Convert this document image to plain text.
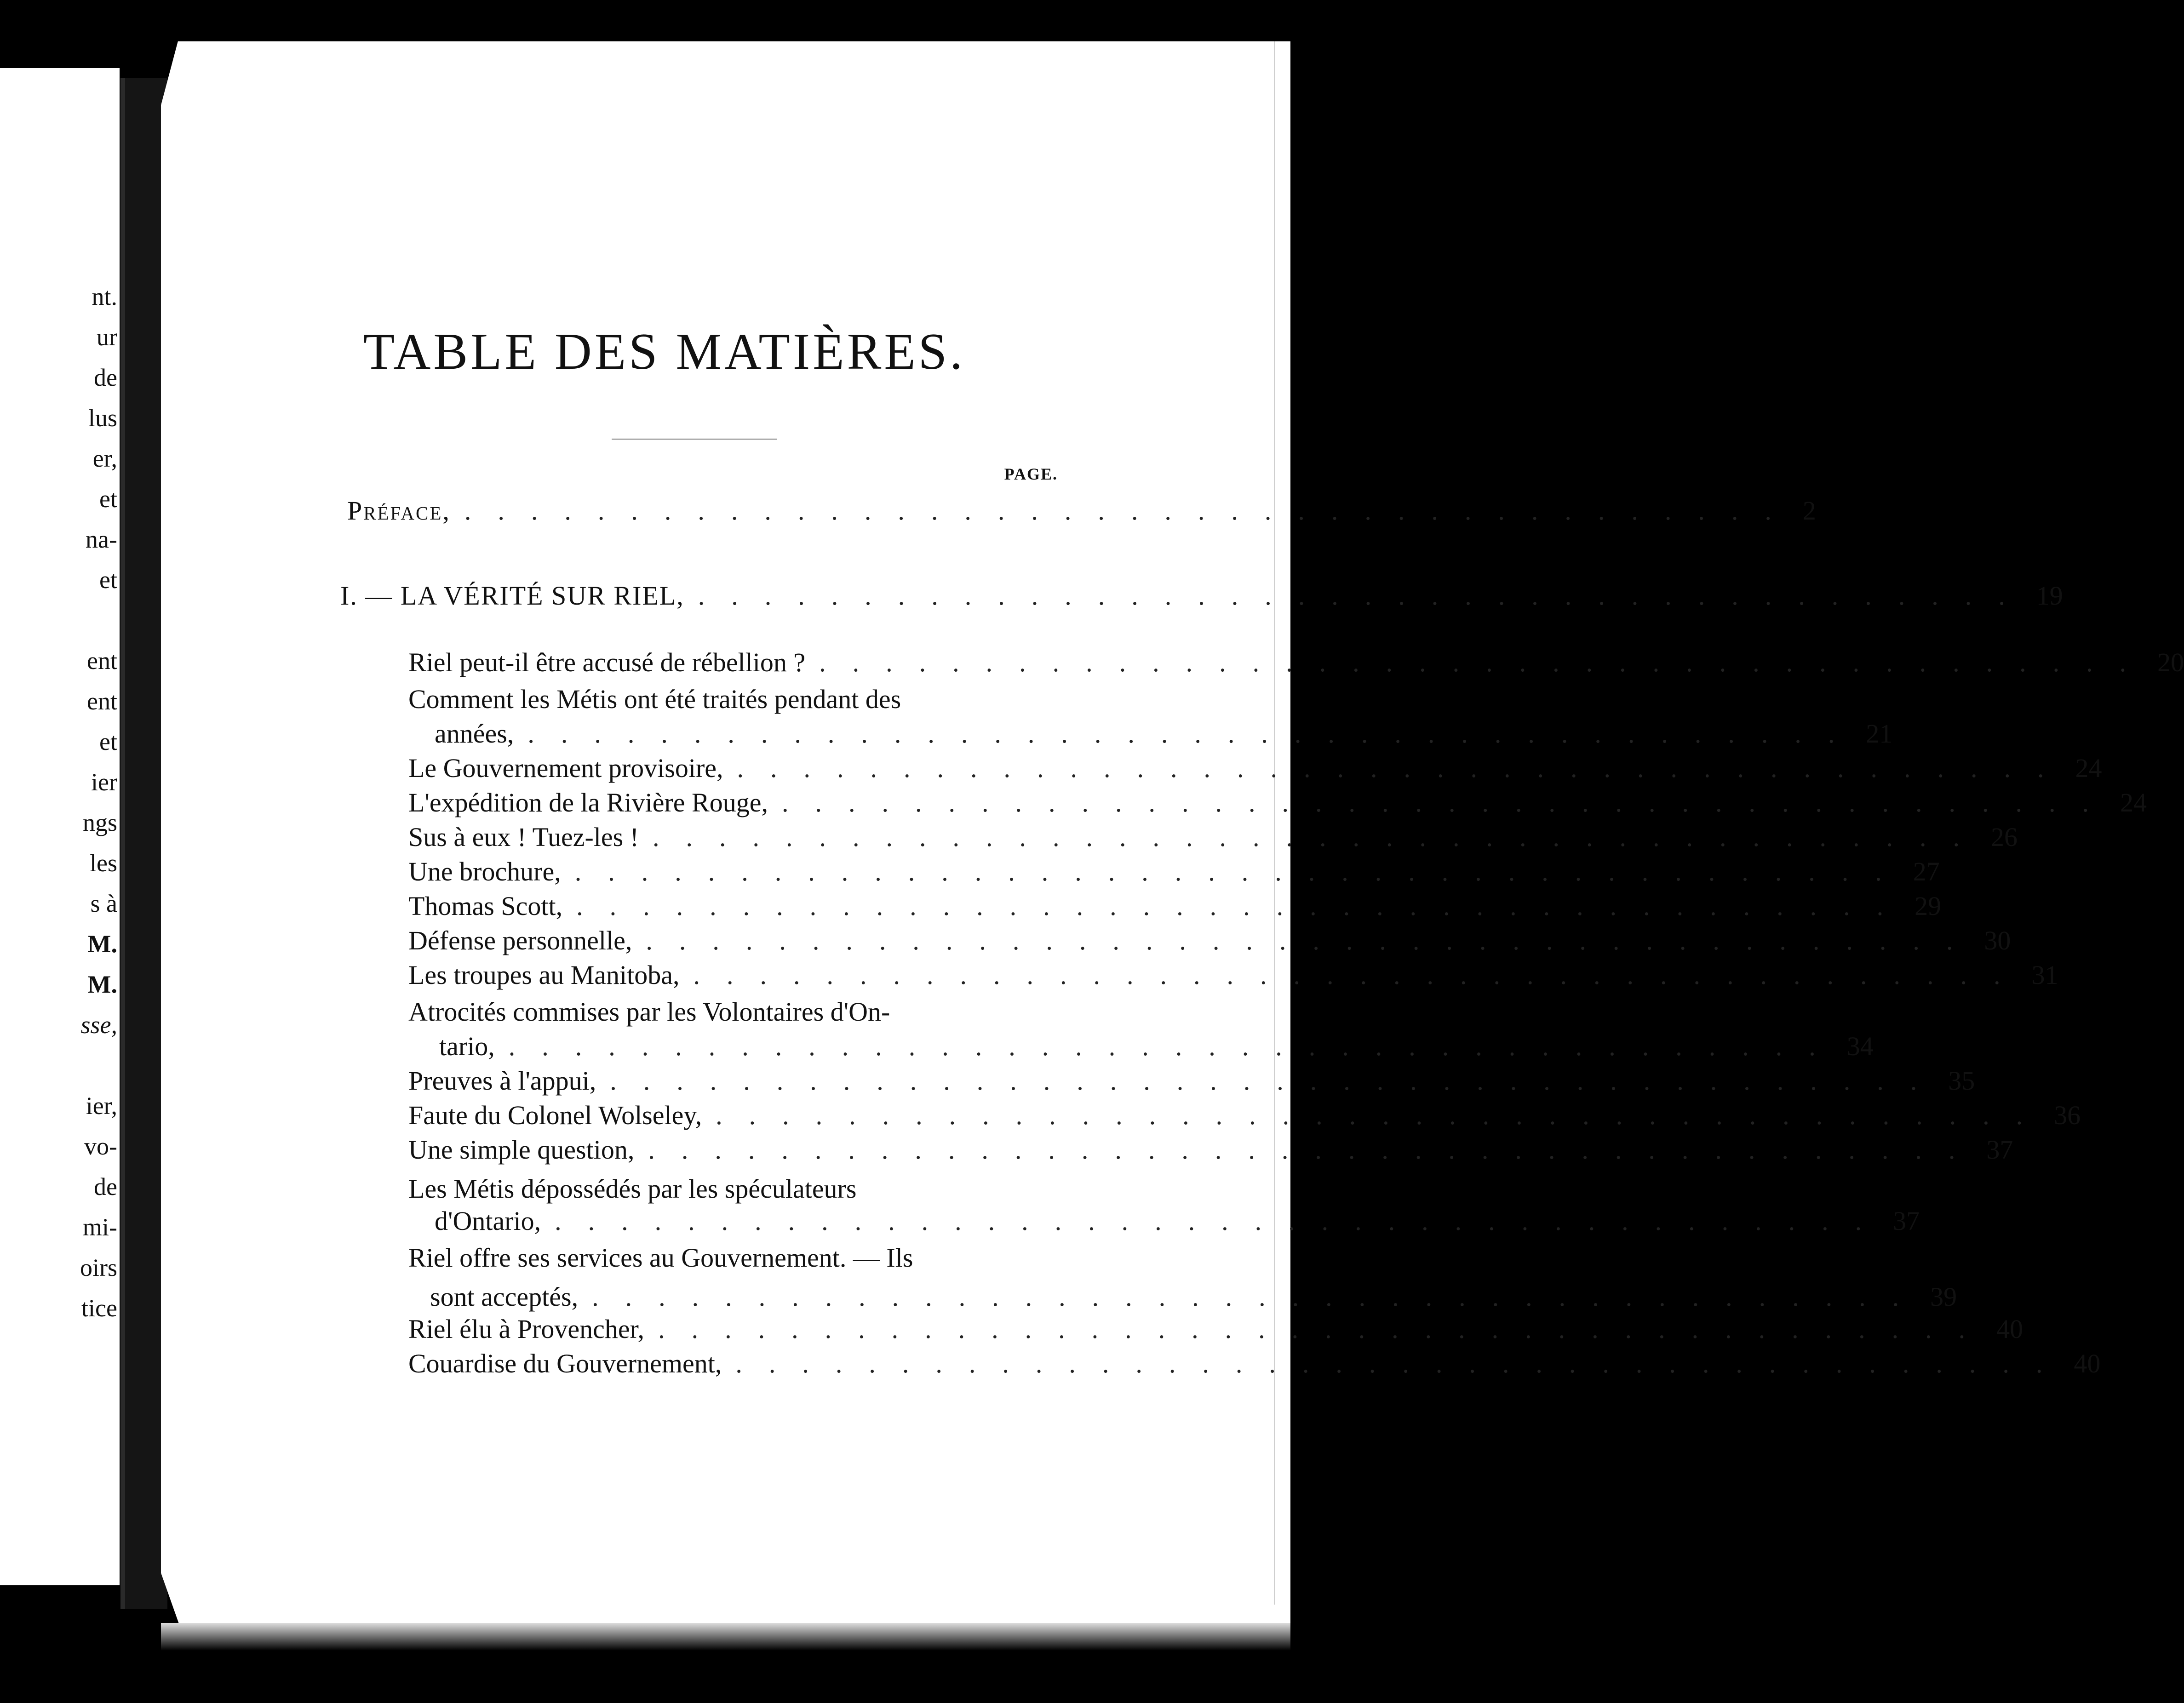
nt.
ur
de
lus
er,
et
na-
et
ent
ent
et
ier
ngs
les
s à
M.
M.
sse,
ier,
vo-
de
mi-
oirs
tice
TABLE DES MATIÈRES.
PAGE.
Préface, ........................................ 2
I. — LA VÉRITÉ SUR RIEL, ........................................ 19
Riel peut-il être accusé de rébellion ? ........................................ 20
Comment les Métis ont été traités pendant des
années, ........................................ 21
Le Gouvernement provisoire, ........................................ 24
L'expédition de la Rivière Rouge, ........................................ 24
Sus à eux ! Tuez-les ! ........................................ 26
Une brochure, ........................................ 27
Thomas Scott, ........................................ 29
Défense personnelle, ........................................ 30
Les troupes au Manitoba, ........................................ 31
Atrocités commises par les Volontaires d'On-
tario, ........................................ 34
Preuves à l'appui, ........................................ 35
Faute du Colonel Wolseley, ........................................ 36
Une simple question, ........................................ 37
Les Métis dépossédés par les spéculateurs
d'Ontario, ........................................ 37
Riel offre ses services au Gouvernement. — Ils
sont acceptés, ........................................ 39
Riel élu à Provencher, ........................................ 40
Couardise du Gouvernement, ........................................ 40
